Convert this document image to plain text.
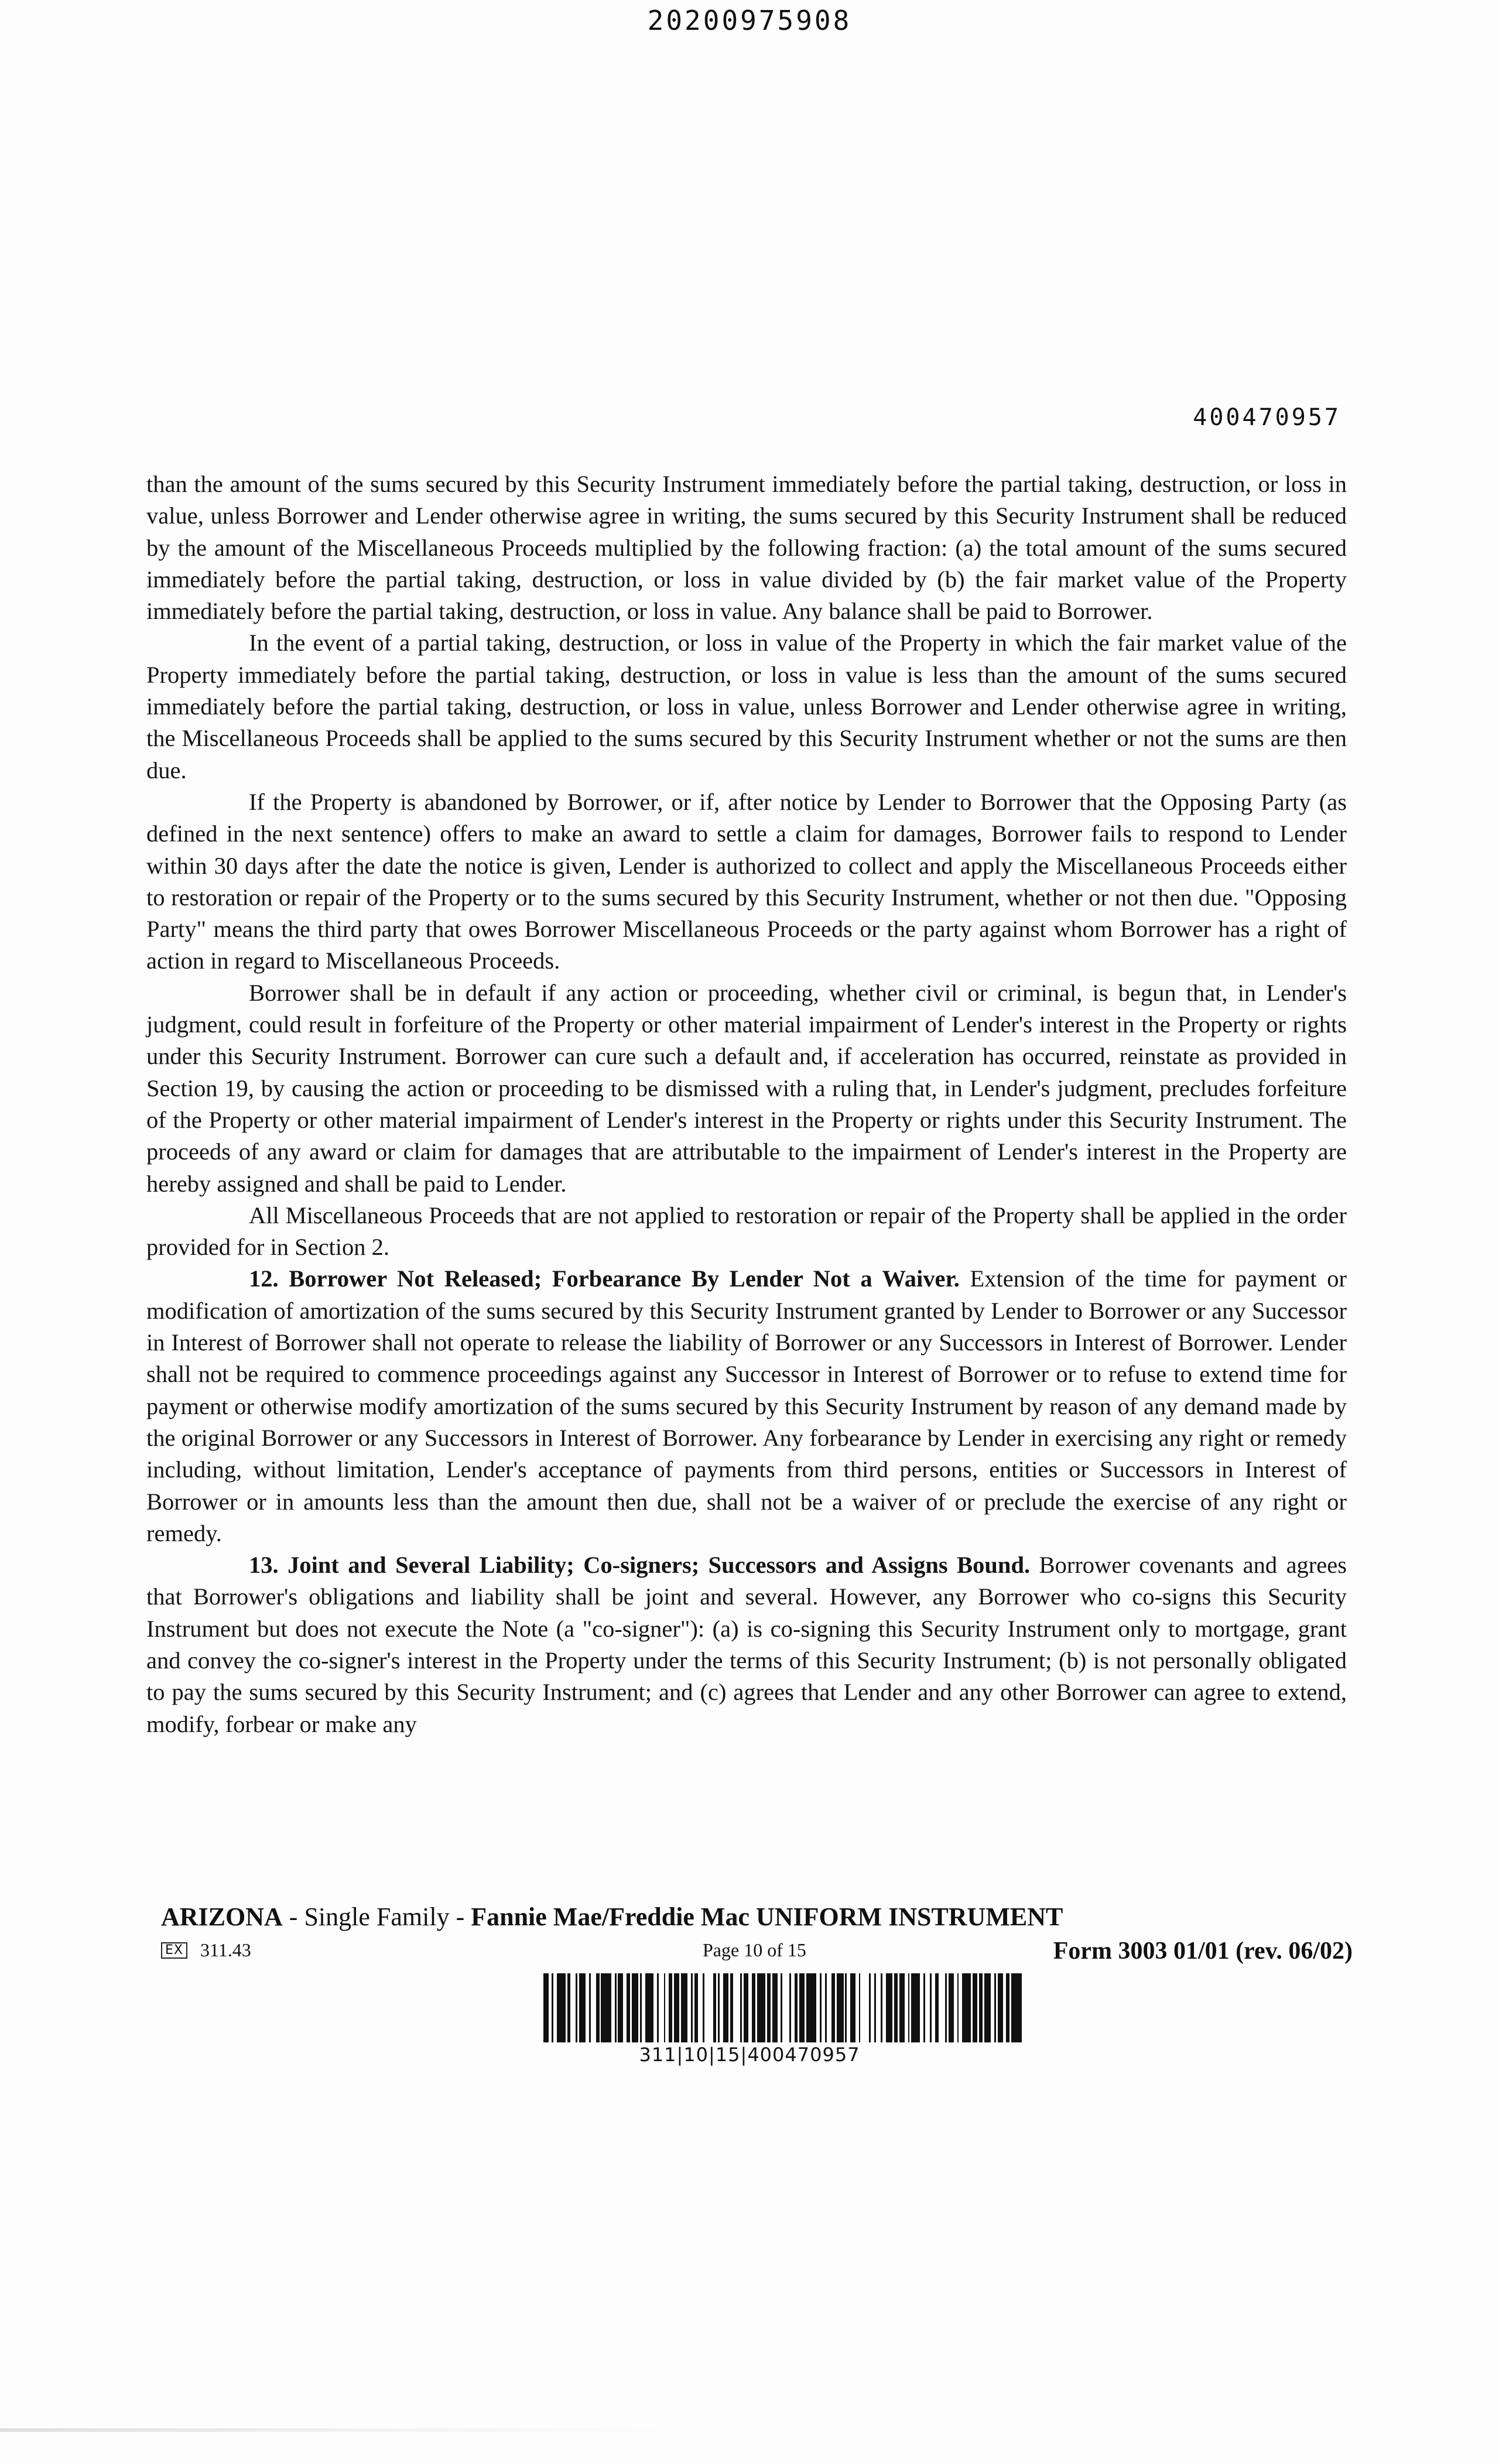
20200975908
400470957

than the amount of the sums secured by this Security Instrument immediately before the partial taking, destruction, or loss in value, unless Borrower and Lender otherwise agree in writing, the sums secured by this Security Instrument shall be reduced by the amount of the Miscellaneous Proceeds multiplied by the following fraction: (a) the total amount of the sums secured immediately before the partial taking, destruction, or loss in value divided by (b) the fair market value of the Property immediately before the partial taking, destruction, or loss in value. Any balance shall be paid to Borrower.

In the event of a partial taking, destruction, or loss in value of the Property in which the fair market value of the Property immediately before the partial taking, destruction, or loss in value is less than the amount of the sums secured immediately before the partial taking, destruction, or loss in value, unless Borrower and Lender otherwise agree in writing, the Miscellaneous Proceeds shall be applied to the sums secured by this Security Instrument whether or not the sums are then due.

If the Property is abandoned by Borrower, or if, after notice by Lender to Borrower that the Opposing Party (as defined in the next sentence) offers to make an award to settle a claim for damages, Borrower fails to respond to Lender within 30 days after the date the notice is given, Lender is authorized to collect and apply the Miscellaneous Proceeds either to restoration or repair of the Property or to the sums secured by this Security Instrument, whether or not then due. "Opposing Party" means the third party that owes Borrower Miscellaneous Proceeds or the party against whom Borrower has a right of action in regard to Miscellaneous Proceeds.

Borrower shall be in default if any action or proceeding, whether civil or criminal, is begun that, in Lender's judgment, could result in forfeiture of the Property or other material impairment of Lender's interest in the Property or rights under this Security Instrument. Borrower can cure such a default and, if acceleration has occurred, reinstate as provided in Section 19, by causing the action or proceeding to be dismissed with a ruling that, in Lender's judgment, precludes forfeiture of the Property or other material impairment of Lender's interest in the Property or rights under this Security Instrument. The proceeds of any award or claim for damages that are attributable to the impairment of Lender's interest in the Property are hereby assigned and shall be paid to Lender.

All Miscellaneous Proceeds that are not applied to restoration or repair of the Property shall be applied in the order provided for in Section 2.

12. Borrower Not Released; Forbearance By Lender Not a Waiver. Extension of the time for payment or modification of amortization of the sums secured by this Security Instrument granted by Lender to Borrower or any Successor in Interest of Borrower shall not operate to release the liability of Borrower or any Successors in Interest of Borrower. Lender shall not be required to commence proceedings against any Successor in Interest of Borrower or to refuse to extend time for payment or otherwise modify amortization of the sums secured by this Security Instrument by reason of any demand made by the original Borrower or any Successors in Interest of Borrower. Any forbearance by Lender in exercising any right or remedy including, without limitation, Lender's acceptance of payments from third persons, entities or Successors in Interest of Borrower or in amounts less than the amount then due, shall not be a waiver of or preclude the exercise of any right or remedy.

13. Joint and Several Liability; Co-signers; Successors and Assigns Bound. Borrower covenants and agrees that Borrower's obligations and liability shall be joint and several. However, any Borrower who co-signs this Security Instrument but does not execute the Note (a "co-signer"): (a) is co-signing this Security Instrument only to mortgage, grant and convey the co-signer's interest in the Property under the terms of this Security Instrument; (b) is not personally obligated to pay the sums secured by this Security Instrument; and (c) agrees that Lender and any other Borrower can agree to extend, modify, forbear or make any

ARIZONA - Single Family - Fannie Mae/Freddie Mac UNIFORM INSTRUMENT
EX 311.43	Page 10 of 15	Form 3003 01/01 (rev. 06/02)
311|10|15|400470957
